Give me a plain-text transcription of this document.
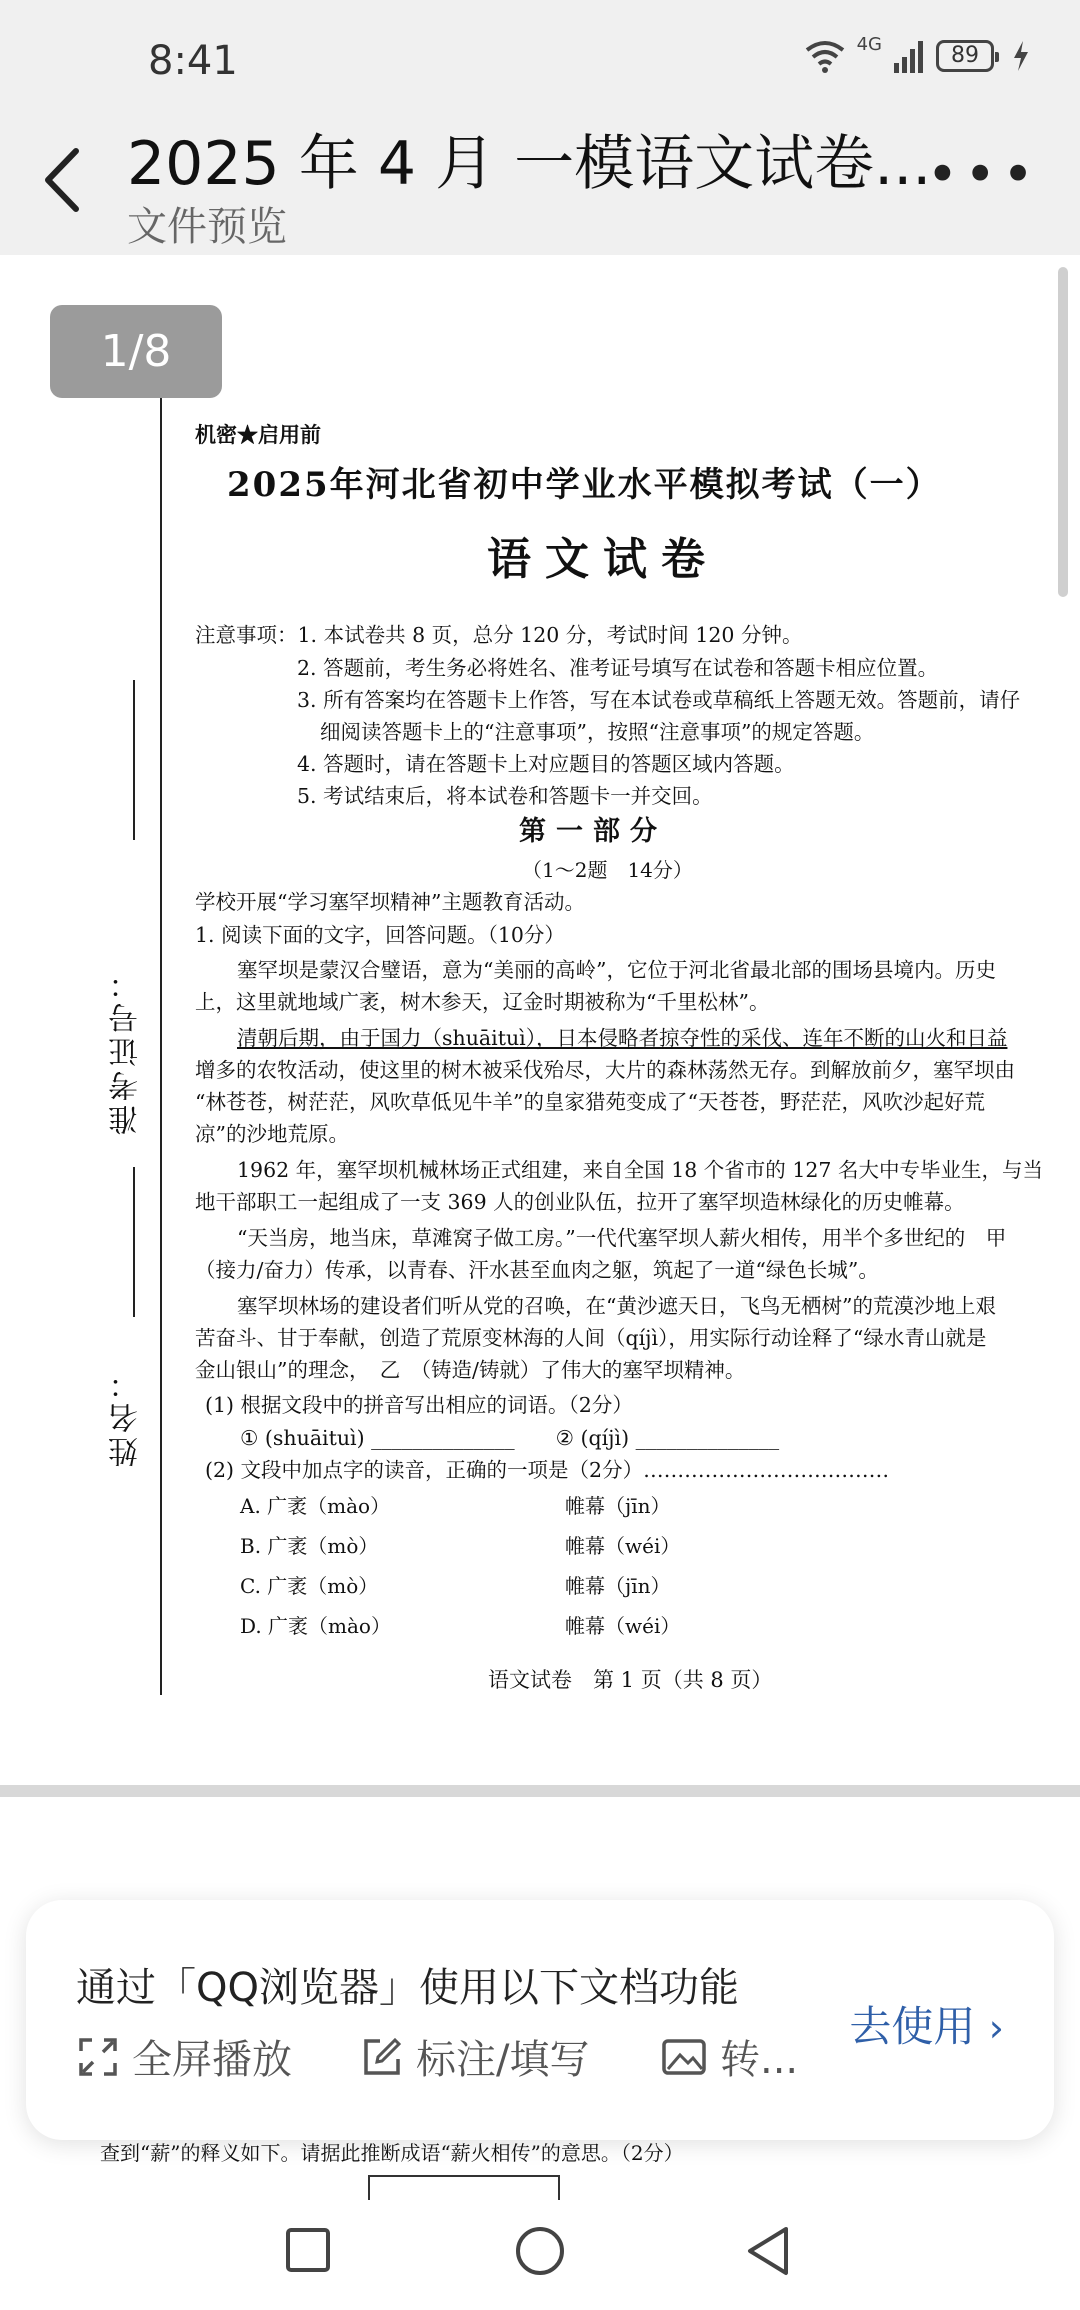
8:41	4G	89
2025 年 4 月 一模语文试卷...
文件预览
•••
准考证号：
姓名：
机密★启用前
2025年河北省初中学业水平模拟考试（一）
语文试卷
注意事项：1. 本试卷共 8 页，总分 120 分，考试时间 120 分钟。
2. 答题前，考生务必将姓名、准考证号填写在试卷和答题卡相应位置。
3. 所有答案均在答题卡上作答，写在本试卷或草稿纸上答题无效。答题前，请仔
细阅读答题卡上的“注意事项”，按照“注意事项”的规定答题。
4. 答题时，请在答题卡上对应题目的答题区域内答题。
5. 考试结束后，将本试卷和答题卡一并交回。
第一部分
（1～2题　14分）
学校开展“学习塞罕坝精神”主题教育活动。
1. 阅读下面的文字，回答问题。（10分）
塞罕坝是蒙汉合璧语，意为“美丽的高岭”，它位于河北省最北部的围场县境内。历史
上，这里就地域广袤，树木参天，辽金时期被称为“千里松林”。
清朝后期，由于国力（shuāituì），日本侵略者掠夺性的采伐、连年不断的山火和日益
增多的农牧活动，使这里的树木被采伐殆尽，大片的森林荡然无存。到解放前夕，塞罕坝由
“林苍苍，树茫茫，风吹草低见牛羊”的皇家猎苑变成了“天苍苍，野茫茫，风吹沙起好荒
凉”的沙地荒原。
1962 年，塞罕坝机械林场正式组建，来自全国 18 个省市的 127 名大中专毕业生，与当
地干部职工一起组成了一支 369 人的创业队伍，拉开了塞罕坝造林绿化的历史帷幕。
“天当房，地当床，草滩窝子做工房。”一代代塞罕坝人薪火相传，用半个多世纪的　甲
（接力/奋力）传承，以青春、汗水甚至血肉之躯，筑起了一道“绿色长城”。
塞罕坝林场的建设者们听从党的召唤，在“黄沙遮天日，飞鸟无栖树”的荒漠沙地上艰
苦奋斗、甘于奉献，创造了荒原变林海的人间（qíjì），用实际行动诠释了“绿水青山就是
金山银山”的理念，　乙　（铸造/铸就）了伟大的塞罕坝精神。
(1) 根据文段中的拼音写出相应的词语。（2分）
① (shuāituì) ______________　　② (qíjì) ______________
(2) 文段中加点字的读音，正确的一项是（2分）………………………………
A. 广袤（mào）	帷幕（jīn）
B. 广袤（mò）	帷幕（wéi）
C. 广袤（mò）	帷幕（jīn）
D. 广袤（mào）	帷幕（wéi）
语文试卷　第 1 页（共 8 页）
1/8
查到“薪”的释义如下。请据此推断成语“薪火相传”的意思。（2分）
通过「QQ浏览器」使用以下文档功能
全屏播放	标注/填写	转...
去使用 ›
